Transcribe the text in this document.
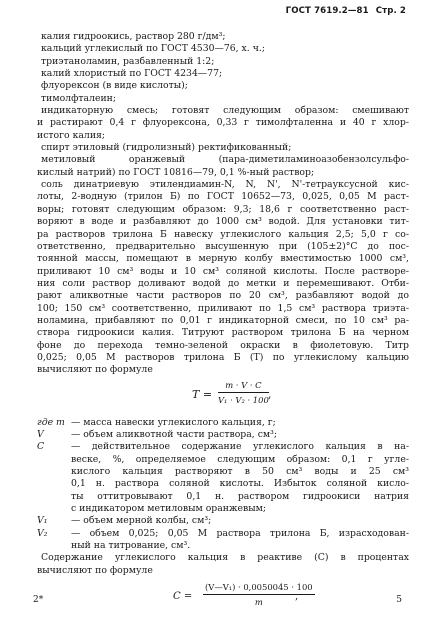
ГОСТ 7619.2—81 Стр. 2
калия гидроокись, раствор 280 г/дм³;
кальций углекислый по ГОСТ 4530—76, х. ч.;
триэтаноламин, разбавленный 1:2;
калий хлористый по ГОСТ 4234—77;
флуорексон (в виде кислоты);
тимолфталеин;
индикаторную смесь; готовят следующим образом: смешивают
и растирают 0,4 г флуорексона, 0,33 г тимолфталенна и 40 г хлор-
истого калия;
спирт этиловый (гидролизный) ректификованный;
метиловый оранжевый (пара-диметиламиноазобензолсульфо-
кислый натрий) по ГОСТ 10816—79, 0,1 %-ный раствор;
соль динатриевую этилендиамин-N, N, N', N'-тетрауксусной кис-
лоты, 2-водную (трилон Б) по ГОСТ 10652—73, 0,025, 0,05 М раст-
воры; готовят следующим образом: 9,3; 18,6 г соответственно раст-
воряют в воде и разбавляют до 1000 см³ водой. Для установки тит-
ра растворов трилона Б навеску углекислого кальция 2,5; 5,0 г со-
ответственно, предварительно высушенную при (105±2)°С до пос-
тоянной массы, помещают в мерную колбу вместимостью 1000 см³,
приливают 10 см³ воды и 10 см³ соляной кислоты. После растворе-
ния соли раствор доливают водой до метки и перемешивают. Отби-
рают аликвотные части растворов по 20 см³, разбавляют водой до
100; 150 см³ соответственно, приливают по 1,5 см³ раствора триэта-
ноламина, прибавляют по 0,01 г индикаторной смеси, по 10 см³ ра-
створа гидроокиси калия. Титруют раствором трилона Б на черном
фоне до перехода темно-зеленой окраски в фиолетовую. Титр
0,025; 0,05 М растворов трилона Б (Т) по углекислому кальцию
вычисляют по формуле
$T = \frac{m \cdot V \cdot C}{\text{V₁ · V₂ · 100}}$ ,
где m — масса навески углекислого кальция, г;
V	— объем аликвотной части раствора, см³;
C	— действительное содержание углекислого кальция в на-
веске, %, определяемое следующим образом: 0,1 г угле-
кислого кальция растворяют в 50 см³ воды и 25 см³
0,1 н. раствора соляной кислоты. Избыток соляной кисло-
ты оттитровывают 0,1 н. раствором гидроокиси натрия
с индикатором метиловым оранжевым;
V₁	— объем мерной колбы, см³;
V₂	— объем 0,025; 0,05 М раствора трилона Б, израсходован-
ный на титрование, см³.
Содержание углекислого кальция в реактиве (С) в процентах
вычисляют по формуле
$C = \frac{\text{(V—V₁) · 0,0050045 · 100}}{m}$
,
2*	5
